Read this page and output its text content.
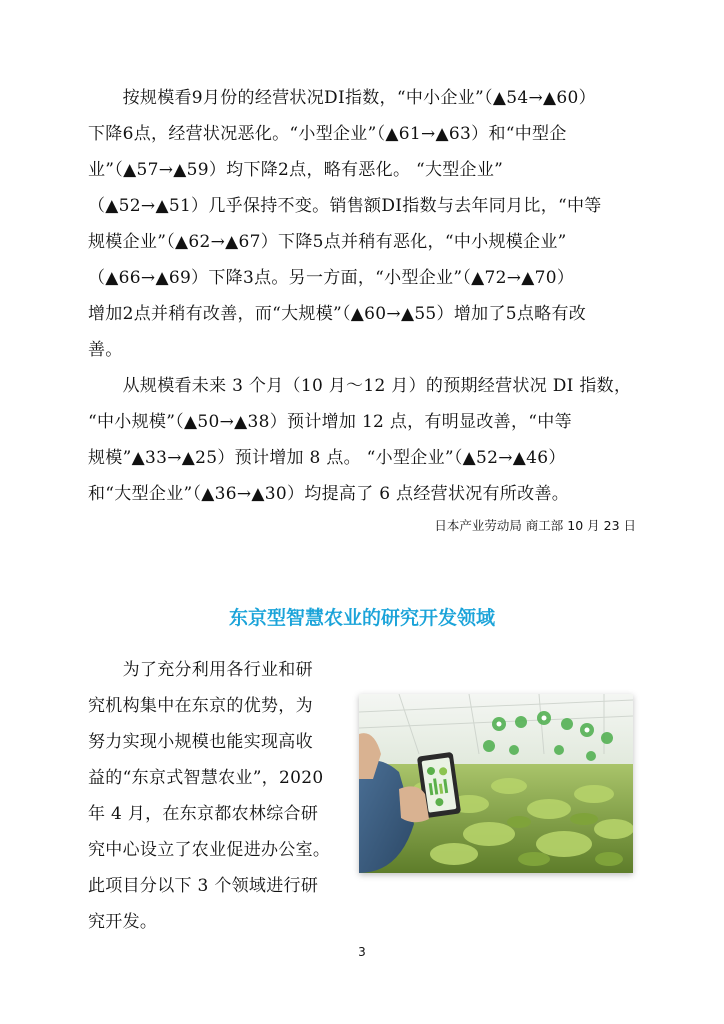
　　按规模看9月份的经营状况DI指数，“中小企业”（▲54→▲60）
下降6点，经营状况恶化。“小型企业”（▲61→▲63）和“中型企
业”（▲57→▲59）均下降2点，略有恶化。 “大型企业”
（▲52→▲51）几乎保持不变。销售额DI指数与去年同月比，“中等
规模企业”（▲62→▲67）下降5点并稍有恶化，“中小规模企业”
（▲66→▲69）下降3点。另一方面，“小型企业”（▲72→▲70）
增加2点并稍有改善，而“大规模”（▲60→▲55）增加了5点略有改
善。
　　从规模看未来 3 个月（10 月～12 月）的预期经营状况 DI 指数，
“中小规模”（▲50→▲38）预计增加 12 点，有明显改善，“中等
规模”▲33→▲25）预计增加 8 点。 “小型企业”（▲52→▲46）
和“大型企业”（▲36→▲30）均提高了 6 点经营状况有所改善。
日本产业劳动局 商工部 10 月 23 日
东京型智慧农业的研究开发领域
　　为了充分利用各行业和研
究机构集中在东京的优势，为
努力实现小规模也能实现高收
益的“东京式智慧农业”，2020
年 4 月，在东京都农林综合研
究中心设立了农业促进办公室。
此项目分以下 3 个领域进行研
究开发。
3
